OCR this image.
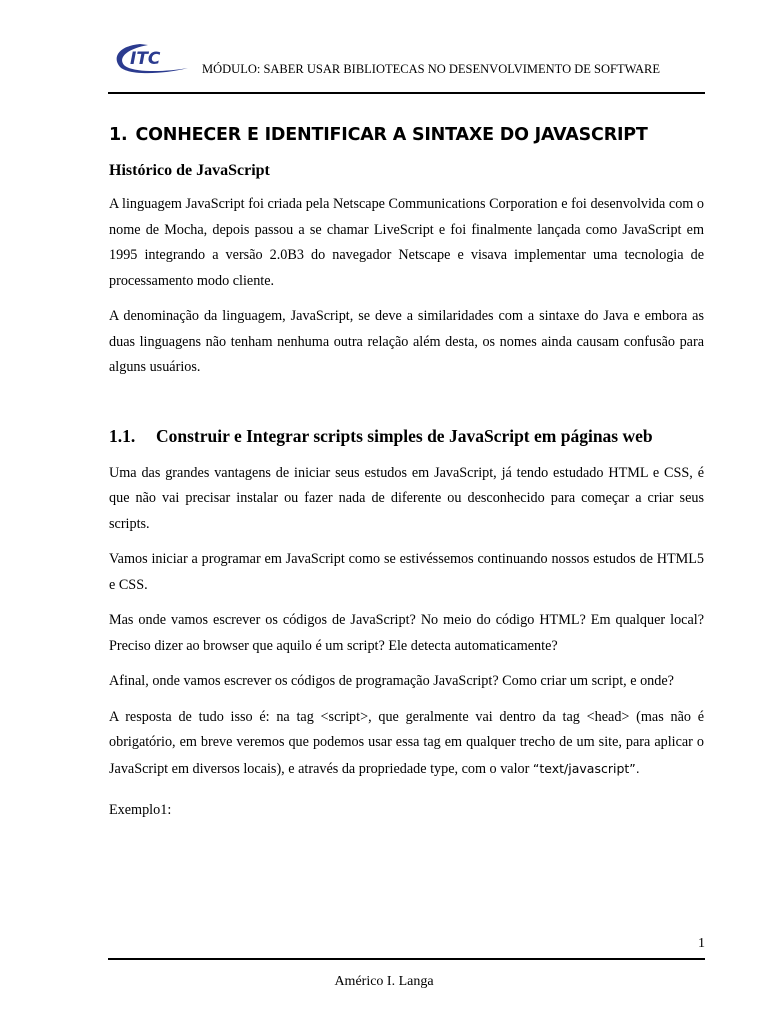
ITC	MÓDULO: SABER USAR BIBLIOTECAS NO DESENVOLVIMENTO DE SOFTWARE
1. CONHECER E IDENTIFICAR A SINTAXE DO JAVASCRIPT
Histórico de JavaScript

A linguagem JavaScript foi criada pela Netscape Communications Corporation e foi desenvolvida com o nome de Mocha, depois passou a se chamar LiveScript e foi finalmente lançada como JavaScript em 1995 integrando a versão 2.0B3 do navegador Netscape e visava implementar uma tecnologia de processamento modo cliente.

A denominação da linguagem, JavaScript, se deve a similaridades com a sintaxe do Java e embora as duas linguagens não tenham nenhuma outra relação além desta, os nomes ainda causam confusão para alguns usuários.

1.1.	Construir e Integrar scripts simples de JavaScript em páginas web

Uma das grandes vantagens de iniciar seus estudos em JavaScript, já tendo estudado HTML e CSS, é que não vai precisar instalar ou fazer nada de diferente ou desconhecido para começar a criar seus scripts.

Vamos iniciar a programar em JavaScript como se estivéssemos continuando nossos estudos de HTML5 e CSS.

Mas onde vamos escrever os códigos de JavaScript? No meio do código HTML? Em qualquer local? Preciso dizer ao browser que aquilo é um script? Ele detecta automaticamente?

Afinal, onde vamos escrever os códigos de programação JavaScript? Como criar um script, e onde?

A resposta de tudo isso é: na tag <script>, que geralmente vai dentro da tag <head> (mas não é obrigatório, em breve veremos que podemos usar essa tag em qualquer trecho de um site, para aplicar o JavaScript em diversos locais), e através da propriedade type, com o valor “text/javascript”.

Exemplo1:

1
Américo I. Langa
